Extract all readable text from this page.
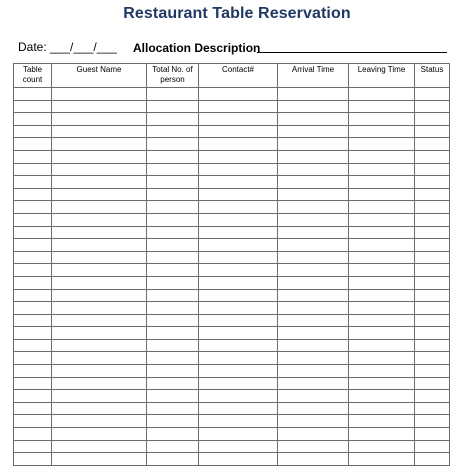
Restaurant Table Reservation
Date: ___/___/___ Allocation Description
Table count	Guest Name	Total No. of person	Contact#	Arrival Time	Leaving Time	Status
